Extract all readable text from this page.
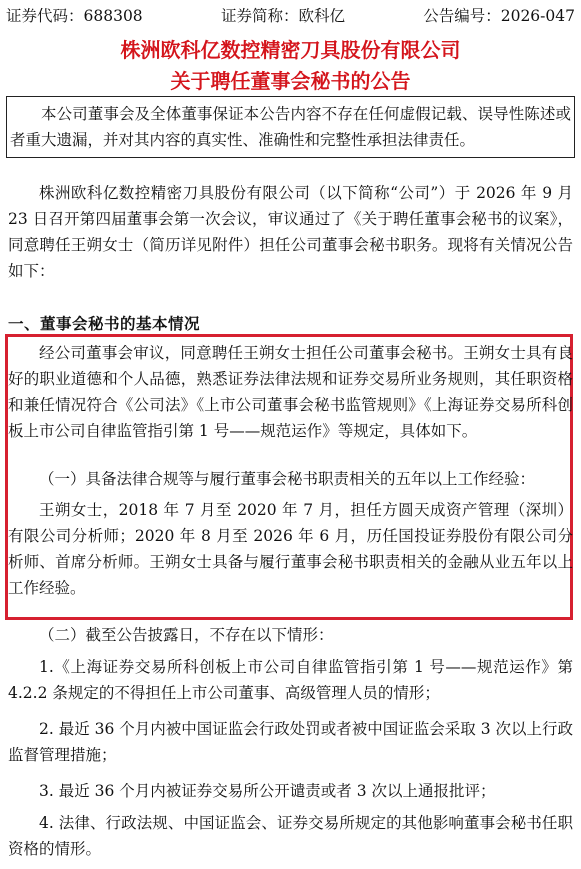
证券代码：688308	证券简称：欧科亿	公告编号：2026-047
株洲欧科亿数控精密刀具股份有限公司
关于聘任董事会秘书的公告

本公司董事会及全体董事保证本公告内容不存在任何虚假记载、误导性陈述或者重大遗漏，并对其内容的真实性、准确性和完整性承担法律责任。

株洲欧科亿数控精密刀具股份有限公司（以下简称“公司”）于 2026 年 9 月 23 日召开第四届董事会第一次会议，审议通过了《关于聘任董事会秘书的议案》，同意聘任王朔女士（简历详见附件）担任公司董事会秘书职务。现将有关情况公告如下：

一、董事会秘书的基本情况

经公司董事会审议，同意聘任王朔女士担任公司董事会秘书。王朔女士具有良好的职业道德和个人品德，熟悉证券法律法规和证券交易所业务规则，其任职资格和兼任情况符合《公司法》《上市公司董事会秘书监管规则》《上海证券交易所科创板上市公司自律监管指引第 1 号——规范运作》等规定，具体如下。

（一）具备法律合规等与履行董事会秘书职责相关的五年以上工作经验：

王朔女士，2018 年 7 月至 2020 年 7 月，担任方圆天成资产管理（深圳）有限公司分析师；2020 年 8 月至 2026 年 6 月，历任国投证券股份有限公司分析师、首席分析师。王朔女士具备与履行董事会秘书职责相关的金融从业五年以上工作经验。

（二）截至公告披露日，不存在以下情形：

1.《上海证券交易所科创板上市公司自律监管指引第 1 号——规范运作》第 4.2.2 条规定的不得担任上市公司董事、高级管理人员的情形；

2. 最近 36 个月内被中国证监会行政处罚或者被中国证监会采取 3 次以上行政监督管理措施；

3. 最近 36 个月内被证券交易所公开谴责或者 3 次以上通报批评；

4. 法律、行政法规、中国证监会、证券交易所规定的其他影响董事会秘书任职资格的情形。
